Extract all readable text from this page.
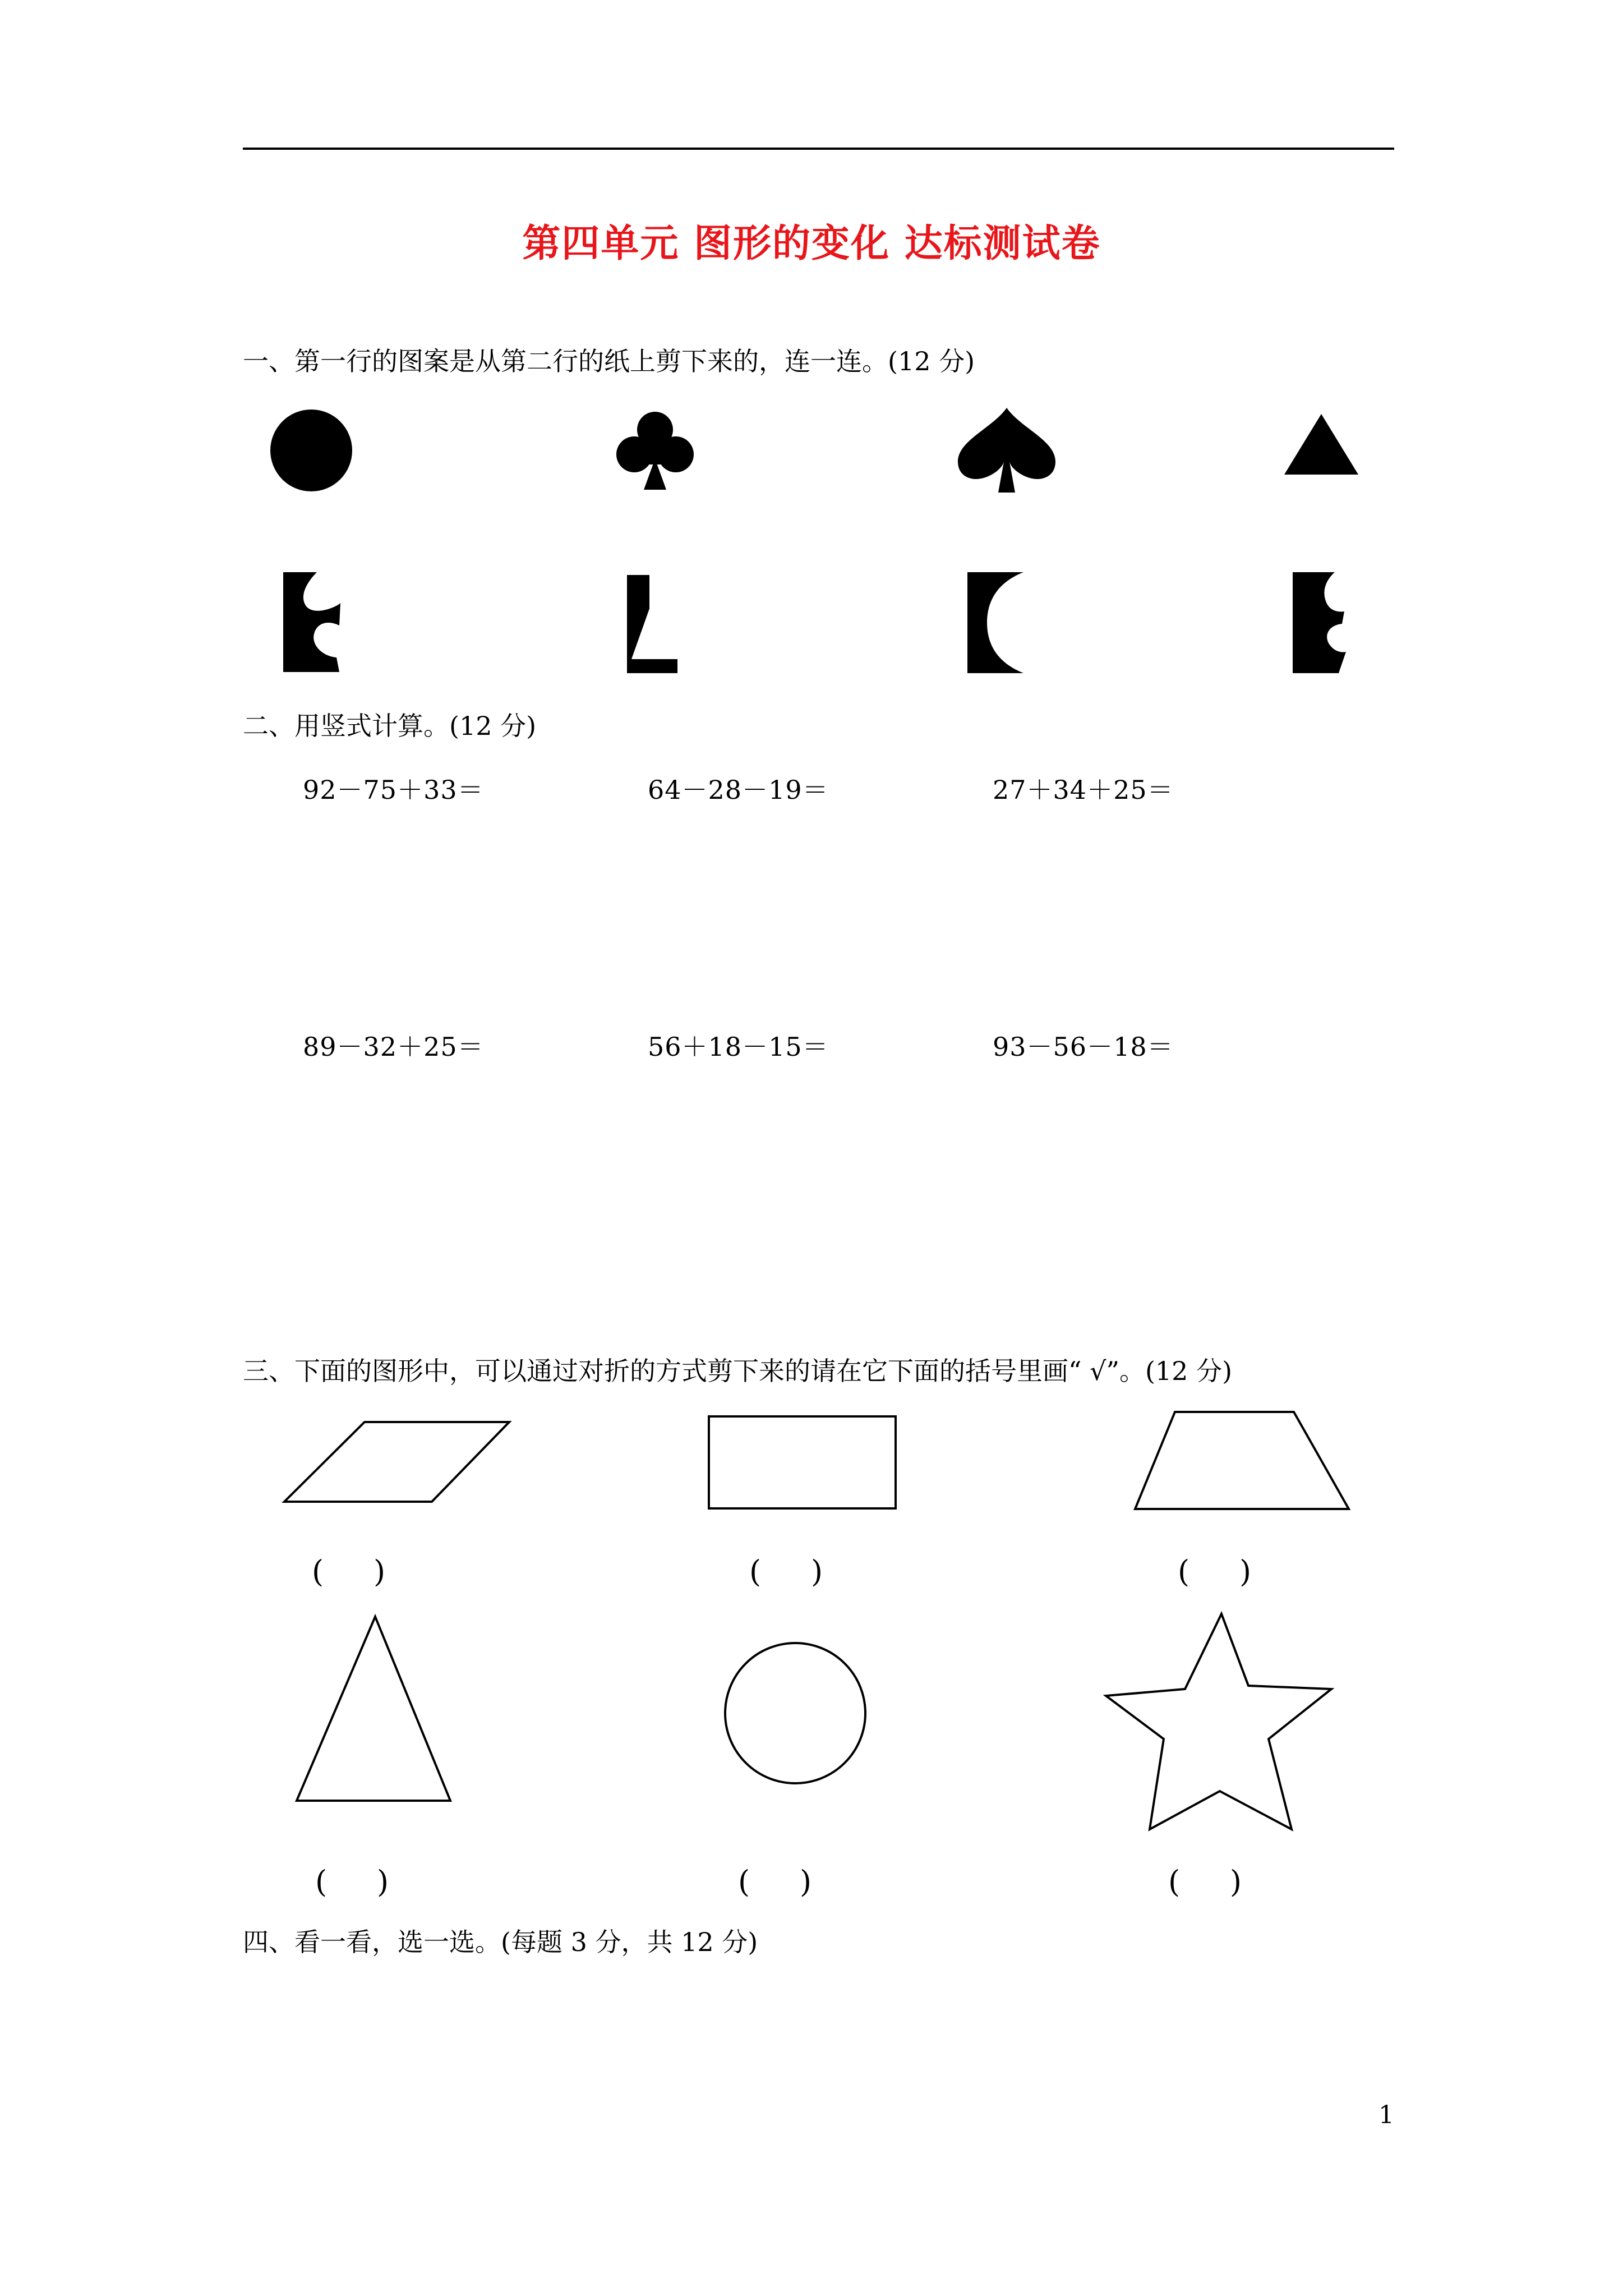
第四单元 图形的变化 达标测试卷
一、第一行的图案是从第二行的纸上剪下来的，连一连。(12 分)
二、用竖式计算。(12 分)
92－75＋33＝	64－28－19＝	27＋34＋25＝
89－32＋25＝	56＋18－15＝	93－56－18＝
三、下面的图形中，可以通过对折的方式剪下来的请在它下面的括号里画“ √”。(12 分)
( )	( )	( )
( )	( )	( )
四、看一看，选一选。(每题 3 分，共 12 分)
1
